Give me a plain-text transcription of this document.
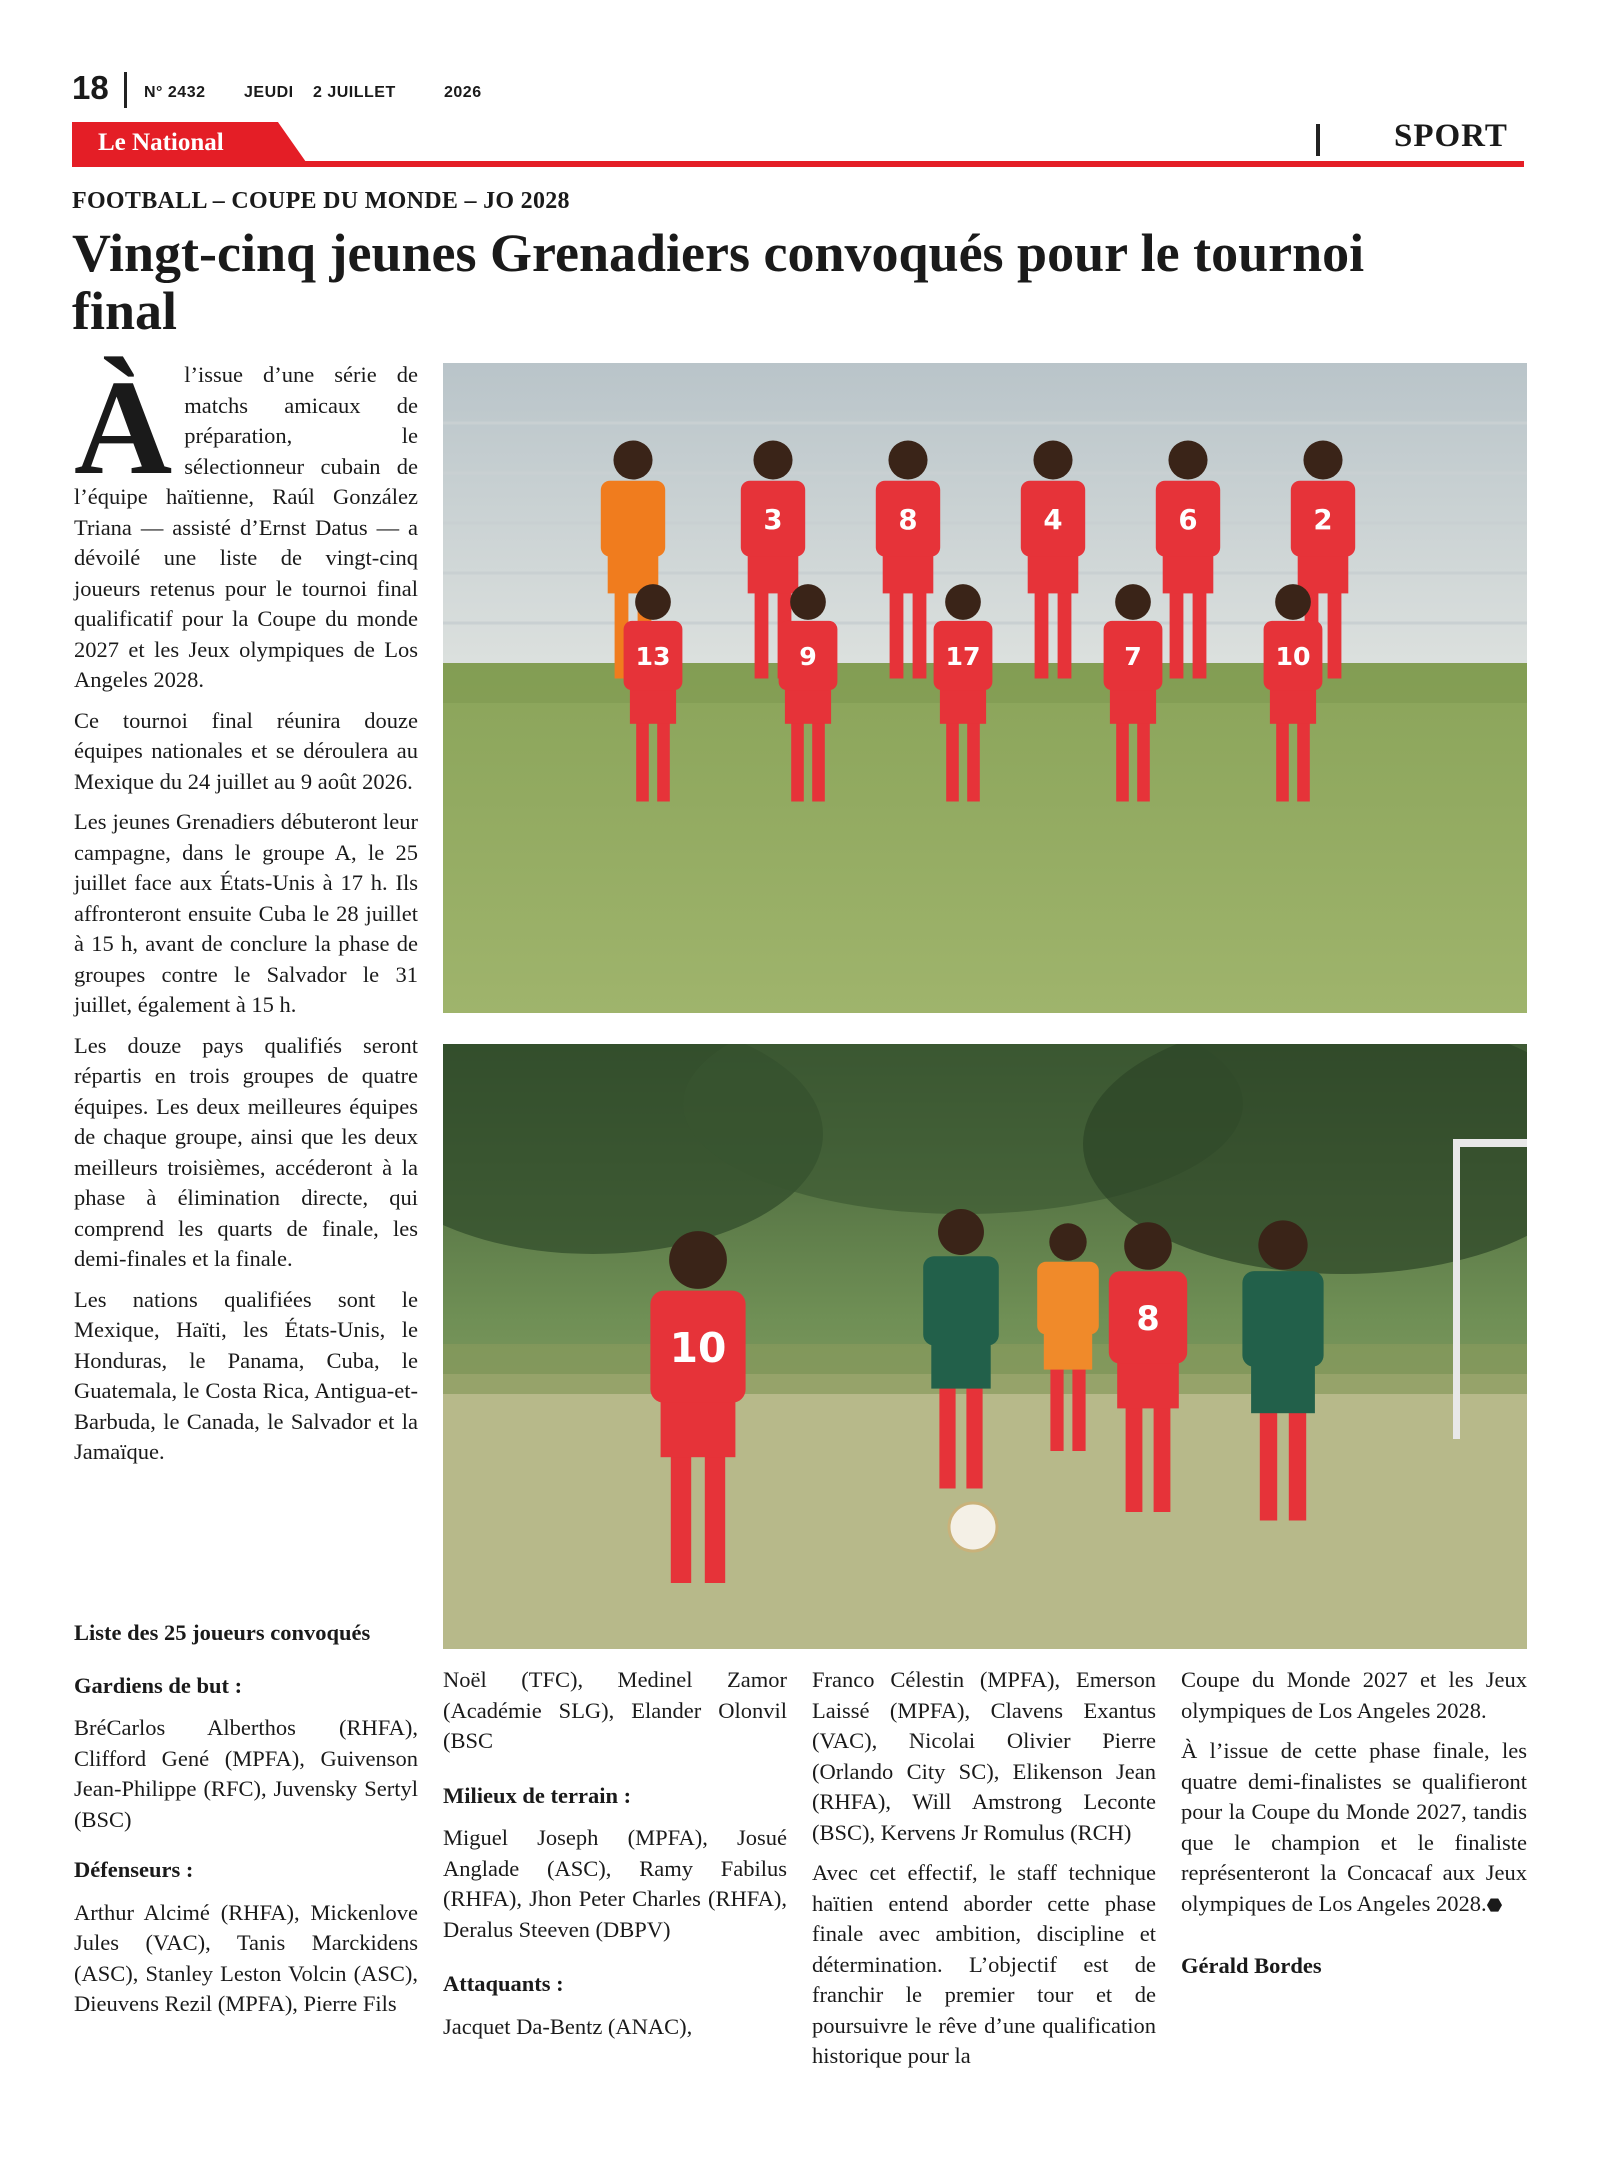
18 N° 2432 JEUDI 2 JUILLET	2026
Le National	SPORT
FOOTBALL – COUPE DU MONDE – JO 2028
Vingt-cinq jeunes Grenadiers convoqués pour le tournoi final

Àl’issue d’une série de matchs amicaux de préparation, le sélectionneur cubain de l’équipe haïtienne, Raúl González Triana — assisté d’Ernst Datus — a dévoilé une liste de vingt-cinq joueurs retenus pour le tournoi final qualificatif pour la Coupe du monde 2027 et les Jeux olympiques de Los Angeles 2028.

Ce tournoi final réunira douze équipes nationales et se déroulera au Mexique du 24 juillet au 9 août 2026.

Les jeunes Grenadiers débuteront leur campagne, dans le groupe A, le 25 juillet face aux États-Unis à 17 h. Ils affronteront ensuite Cuba le 28 juillet à 15 h, avant de conclure la phase de groupes contre le Salvador le 31 juillet, également à 15 h.

Les douze pays qualifiés seront répartis en trois groupes de quatre équipes. Les deux meilleures équipes de chaque groupe, ainsi que les deux meilleurs troisièmes, accéderont à la phase à élimination directe, qui comprend les quarts de finale, les demi-finales et la finale.

Les nations qualifiées sont le Mexique, Haïti, les États-Unis, le Honduras, le Panama, Cuba, le Guatemala, le Costa Rica, Antigua-et-Barbuda, le Canada, le Salvador et la Jamaïque.

Liste des 25 joueurs convoqués

Gardiens de but :

BréCarlos Alberthos (RHFA), Clifford Gené (MPFA), Guivenson Jean-Philippe (RFC), Juvensky Sertyl (BSC)

Défenseurs :

Arthur Alcimé (RHFA), Mickenlove Jules (VAC), Tanis Marckidens (ASC), Stanley Leston Volcin (ASC), Dieuvens Rezil (MPFA), Pierre Fils

Noël (TFC), Medinel Zamor (Académie SLG), Elander Olonvil (BSC

Milieux de terrain :

Miguel Joseph (MPFA), Josué Anglade (ASC), Ramy Fabilus (RHFA), Jhon Peter Charles (RHFA), Deralus Steeven (DBPV)

Attaquants :

Jacquet Da-Bentz (ANAC),

Franco Célestin (MPFA), Emerson Laissé (MPFA), Clavens Exantus (VAC), Nicolai Olivier Pierre (Orlando City SC), Elikenson Jean (RHFA), Will Amstrong Leconte (BSC), Kervens Jr Romulus (RCH)

Avec cet effectif, le staff technique haïtien entend aborder cette phase finale avec ambition, discipline et détermination. L’objectif est de franchir le premier tour et de poursuivre le rêve d’une qualification historique pour la

Coupe du Monde 2027 et les Jeux olympiques de Los Angeles 2028.

À l’issue de cette phase finale, les quatre demi-finalistes se qualifieront pour la Coupe du Monde 2027, tandis que le champion et le finaliste représenteront la Concacaf aux Jeux olympiques de Los Angeles 2028.⬣

Gérald Bordes

3	8	4	6	2
13	9	17	7	10
10
8
